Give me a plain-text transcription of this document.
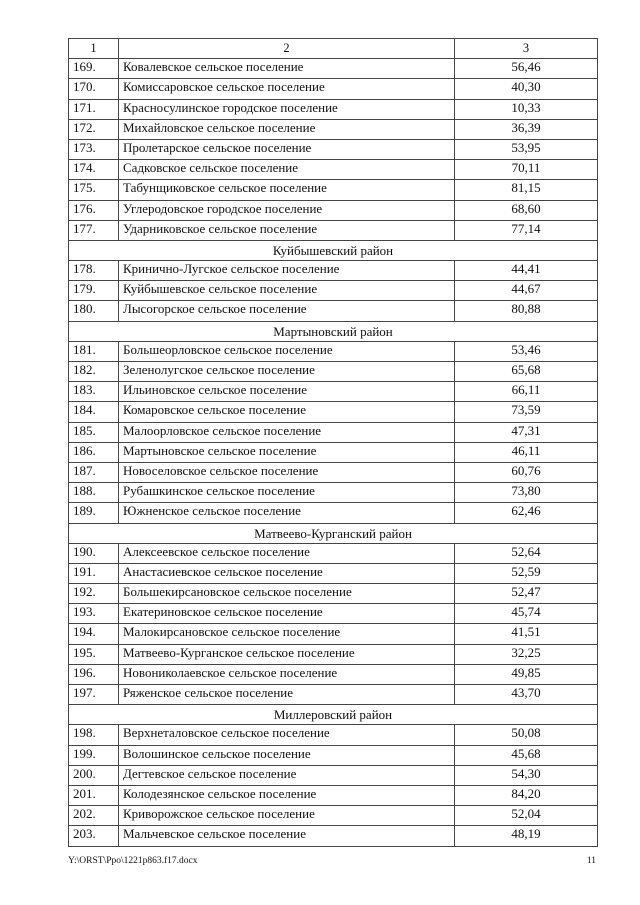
1	2	3
169.	Ковалевское сельское поселение	56,46
170.	Комиссаровское сельское поселение	40,30
171.	Красносулинское городское поселение	10,33
172.	Михайловское сельское поселение	36,39
173.	Пролетарское сельское поселение	53,95
174.	Садковское сельское поселение	70,11
175.	Табунщиковское сельское поселение	81,15
176.	Углеродовское городское поселение	68,60
177.	Ударниковское сельское поселение	77,14
Куйбышевский район		
178.	Кринично-Лугское сельское поселение	44,41
179.	Куйбышевское сельское поселение	44,67
180.	Лысогорское сельское поселение	80,88
Мартыновский район		
181.	Большеорловское сельское поселение	53,46
182.	Зеленолугское сельское поселение	65,68
183.	Ильиновское сельское поселение	66,11
184.	Комаровское сельское поселение	73,59
185.	Малоорловское сельское поселение	47,31
186.	Мартыновское сельское поселение	46,11
187.	Новоселовское сельское поселение	60,76
188.	Рубашкинское сельское поселение	73,80
189.	Южненское сельское поселение	62,46
Матвеево-Курганский район		
190.	Алексеевское сельское поселение	52,64
191.	Анастасиевское сельское поселение	52,59
192.	Большекирсановское сельское поселение	52,47
193.	Екатериновское сельское поселение	45,74
194.	Малокирсановское сельское поселение	41,51
195.	Матвеево-Курганское сельское поселение	32,25
196.	Новониколаевское сельское поселение	49,85
197.	Ряженское сельское поселение	43,70
Миллеровский район		
198.	Верхнеталовское сельское поселение	50,08
199.	Волошинское сельское поселение	45,68
200.	Дегтевское сельское поселение	54,30
201.	Колодезянское сельское поселение	84,20
202.	Криворожское сельское поселение	52,04
203.	Мальчевское сельское поселение	48,19
Y:\ORST\Ppo\1221p863.f17.docx	11
